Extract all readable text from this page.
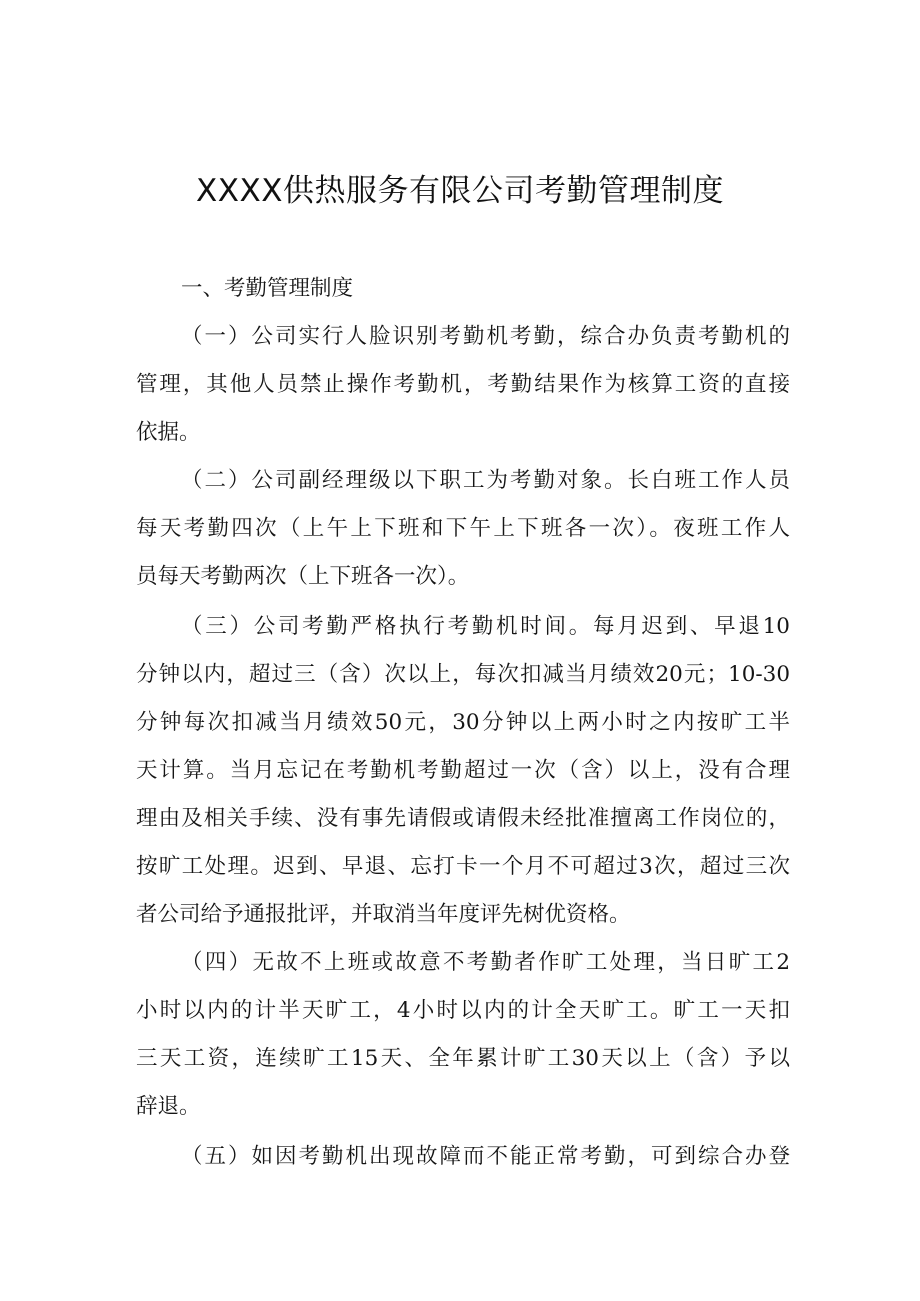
XXXX供热服务有限公司考勤管理制度
一、考勤管理制度
（一）公司实行人脸识别考勤机考勤，综合办负责考勤机的
管理，其他人员禁止操作考勤机，考勤结果作为核算工资的直接
依据。
（二）公司副经理级以下职工为考勤对象。长白班工作人员
每天考勤四次（上午上下班和下午上下班各一次）。夜班工作人
员每天考勤两次（上下班各一次）。
（三）公司考勤严格执行考勤机时间。每月迟到、早退10
分钟以内，超过三（含）次以上，每次扣减当月绩效20元；10-30
分钟每次扣减当月绩效50元，30分钟以上两小时之内按旷工半
天计算。当月忘记在考勤机考勤超过一次（含）以上，没有合理
理由及相关手续、没有事先请假或请假未经批准擅离工作岗位的，
按旷工处理。迟到、早退、忘打卡一个月不可超过3次，超过三次
者公司给予通报批评，并取消当年度评先树优资格。
（四）无故不上班或故意不考勤者作旷工处理，当日旷工2
小时以内的计半天旷工，4小时以内的计全天旷工。旷工一天扣
三天工资，连续旷工15天、全年累计旷工30天以上（含）予以
辞退。
（五）如因考勤机出现故障而不能正常考勤，可到综合办登
